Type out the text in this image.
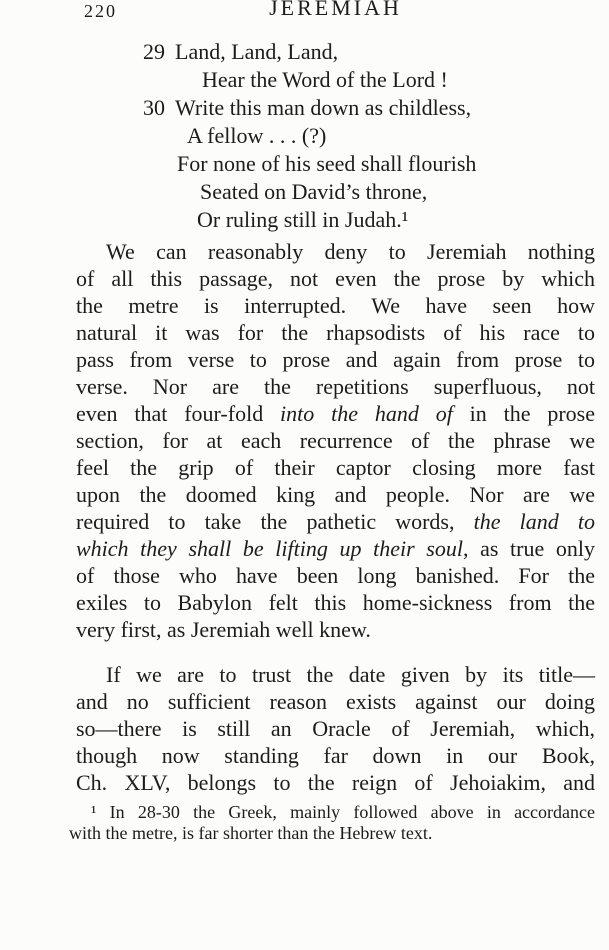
220	JEREMIAH
29 Land, Land, Land,
Hear the Word of the Lord !
30 Write this man down as childless,
A fellow . . . (?)
For none of his seed shall flourish
Seated on David’s throne,
Or ruling still in Judah.¹
We can reasonably deny to Jeremiah nothing
of all this passage, not even the prose by which
the metre is interrupted. We have seen how
natural it was for the rhapsodists of his race to
pass from verse to prose and again from prose to
verse. Nor are the repetitions superfluous, not
even that four-fold into the hand of in the prose
section, for at each recurrence of the phrase we
feel the grip of their captor closing more fast
upon the doomed king and people. Nor are we
required to take the pathetic words, the land to
which they shall be lifting up their soul, as true only
of those who have been long banished. For the
exiles to Babylon felt this home-sickness from the
very first, as Jeremiah well knew.
If we are to trust the date given by its title—
and no sufficient reason exists against our doing
so—there is still an Oracle of Jeremiah, which,
though now standing far down in our Book,
Ch. XLV, belongs to the reign of Jehoiakim, and
¹ In 28-30 the Greek, mainly followed above in accordance
with the metre, is far shorter than the Hebrew text.
